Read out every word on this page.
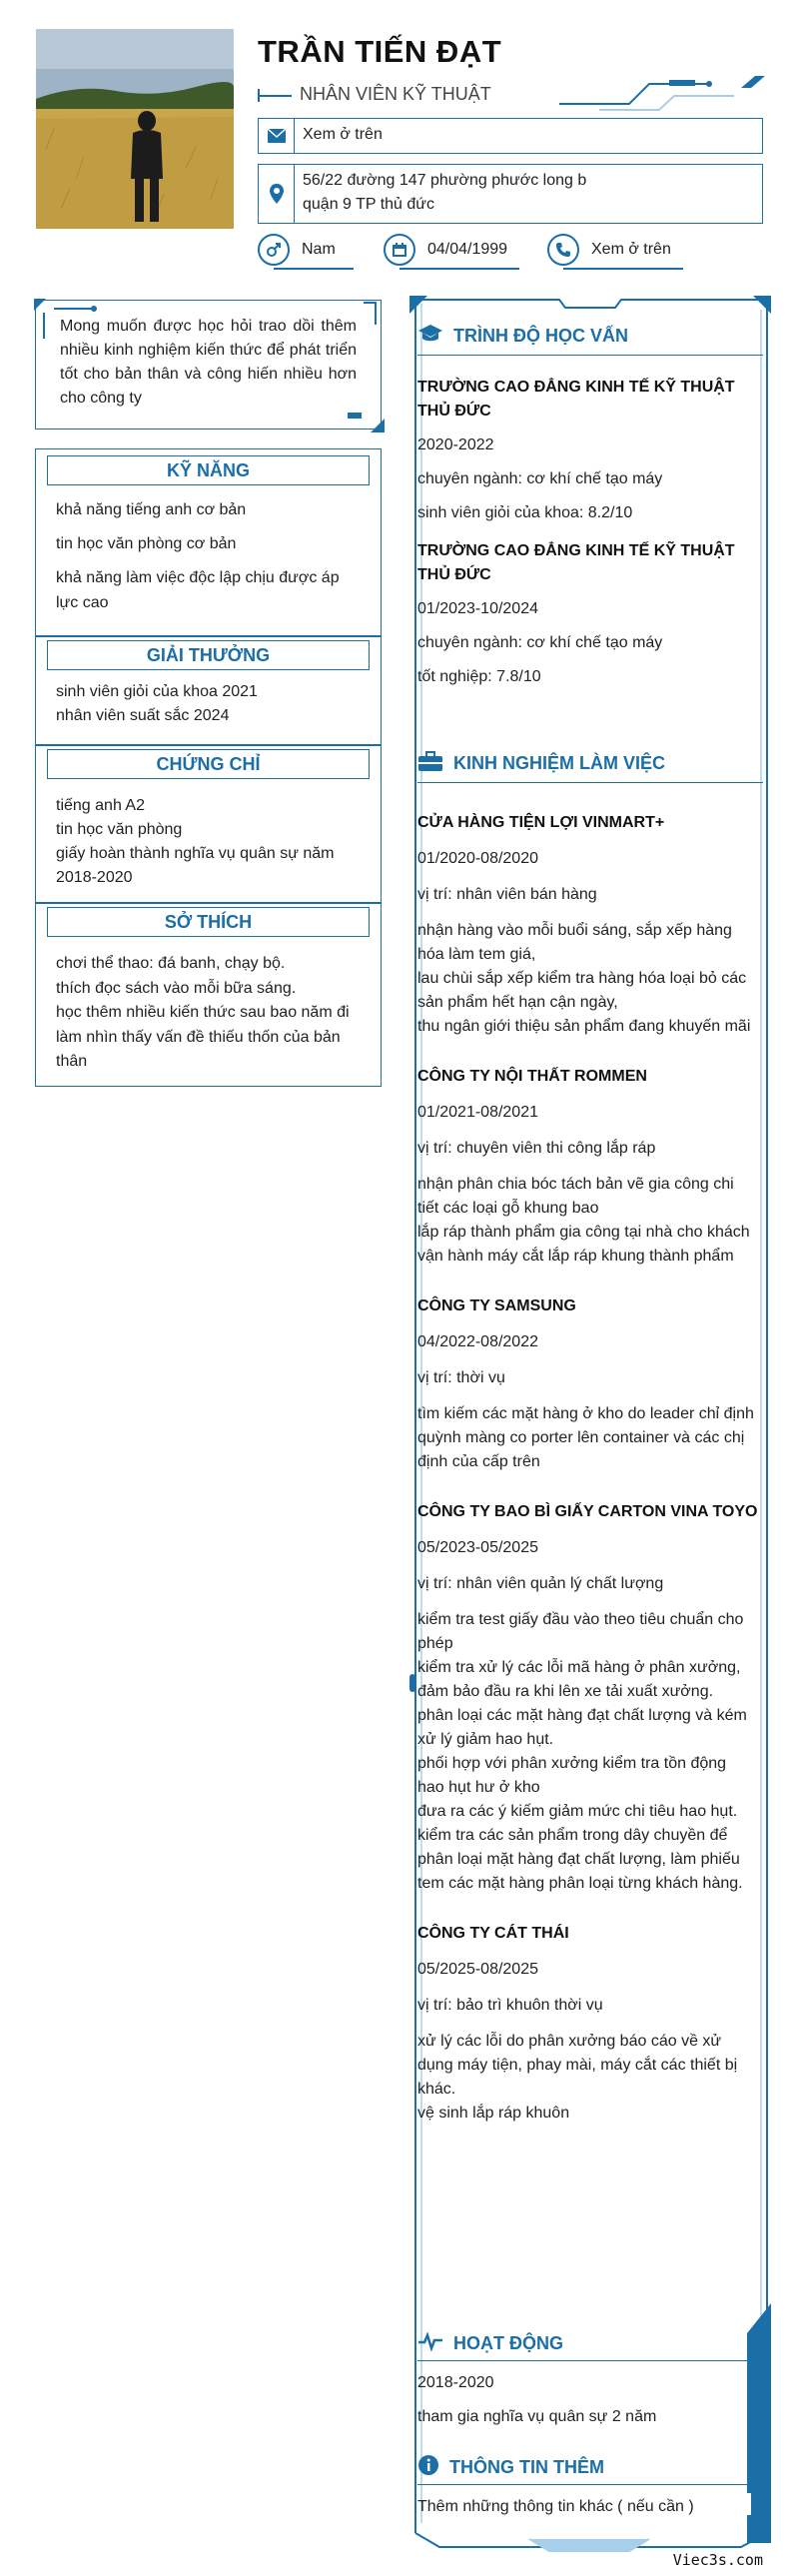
TRẦN TIẾN ĐẠT
NHÂN VIÊN KỸ THUẬT
Xem ở trên
56/22 đường 147 phường phước long b
quận 9 TP thủ đức
Nam	04/04/1999	Xem ở trên
Mong muốn được học hỏi trao dồi thêm nhiều kinh nghiệm kiến thức để phát triển tốt cho bản thân và công hiến nhiều hơn cho công ty
KỸ NĂNG
khả năng tiếng anh cơ bản
tin học văn phòng cơ bản
khả năng làm việc độc lập chịu được áp lực cao
GIẢI THƯỞNG
sinh viên giỏi của khoa 2021
nhân viên suất sắc 2024
CHỨNG CHỈ
tiếng anh A2
tin học văn phòng
giấy hoàn thành nghĩa vụ quân sự năm 2018-2020
SỞ THÍCH
chơi thể thao: đá banh, chạy bộ.
thích đọc sách vào mỗi bữa sáng.
học thêm nhiều kiến thức sau bao năm đi làm nhìn thấy vấn đề thiếu thốn của bản thân
TRÌNH ĐỘ HỌC VẤN
TRƯỜNG CAO ĐẲNG KINH TẾ KỸ THUẬT THỦ ĐỨC
2020-2022
chuyên ngành: cơ khí chế tạo máy
sinh viên giỏi của khoa: 8.2/10
TRƯỜNG CAO ĐẲNG KINH TẾ KỸ THUẬT THỦ ĐỨC
01/2023-10/2024
chuyên ngành: cơ khí chế tạo máy
tốt nghiệp: 7.8/10
KINH NGHIỆM LÀM VIỆC
CỬA HÀNG TIỆN LỢI VINMART+
01/2020-08/2020
vị trí: nhân viên bán hàng
nhận hàng vào mỗi buổi sáng, sắp xếp hàng hóa làm tem giá,
lau chùi sắp xếp kiểm tra hàng hóa loại bỏ các sản phẩm hết hạn cận ngày,
thu ngân giới thiệu sản phẩm đang khuyến mãi
CÔNG TY NỘI THẤT ROMMEN
01/2021-08/2021
vị trí: chuyên viên thi công lắp ráp
nhận phân chia bóc tách bản vẽ gia công chi tiết các loại gỗ khung bao
lắp ráp thành phẩm gia công tại nhà cho khách
vận hành máy cắt lắp ráp khung thành phẩm
CÔNG TY SAMSUNG
04/2022-08/2022
vị trí: thời vụ
tìm kiếm các mặt hàng ở kho do leader chỉ định quỳnh màng co porter lên container và các chị định của cấp trên
CÔNG TY BAO BÌ GIẤY CARTON VINA TOYO
05/2023-05/2025
vị trí: nhân viên quản lý chất lượng
kiểm tra test giấy đầu vào theo tiêu chuẩn cho phép
kiểm tra xử lý các lỗi mã hàng ở phân xưởng, đảm bảo đầu ra khi lên xe tải xuất xưởng.
phân loại các mặt hàng đạt chất lượng và kém xử lý giảm hao hụt.
phối hợp với phân xưởng kiểm tra tồn động hao hụt hư ở kho
đưa ra các ý kiếm giảm mức chi tiêu hao hụt.
kiểm tra các sản phẩm trong dây chuyền để phân loại mặt hàng đạt chất lượng, làm phiếu tem các mặt hàng phân loại từng khách hàng.
CÔNG TY CÁT THÁI
05/2025-08/2025
vị trí: bảo trì khuôn thời vụ
xử lý các lỗi do phân xưởng báo cáo về xử dụng máy tiện, phay mài, máy cắt các thiết bị khác.
vệ sinh lắp ráp khuôn
HOẠT ĐỘNG
2018-2020
tham gia nghĩa vụ quân sự 2 năm
THÔNG TIN THÊM
Thêm những thông tin khác ( nếu cần )
Viec3s.com
